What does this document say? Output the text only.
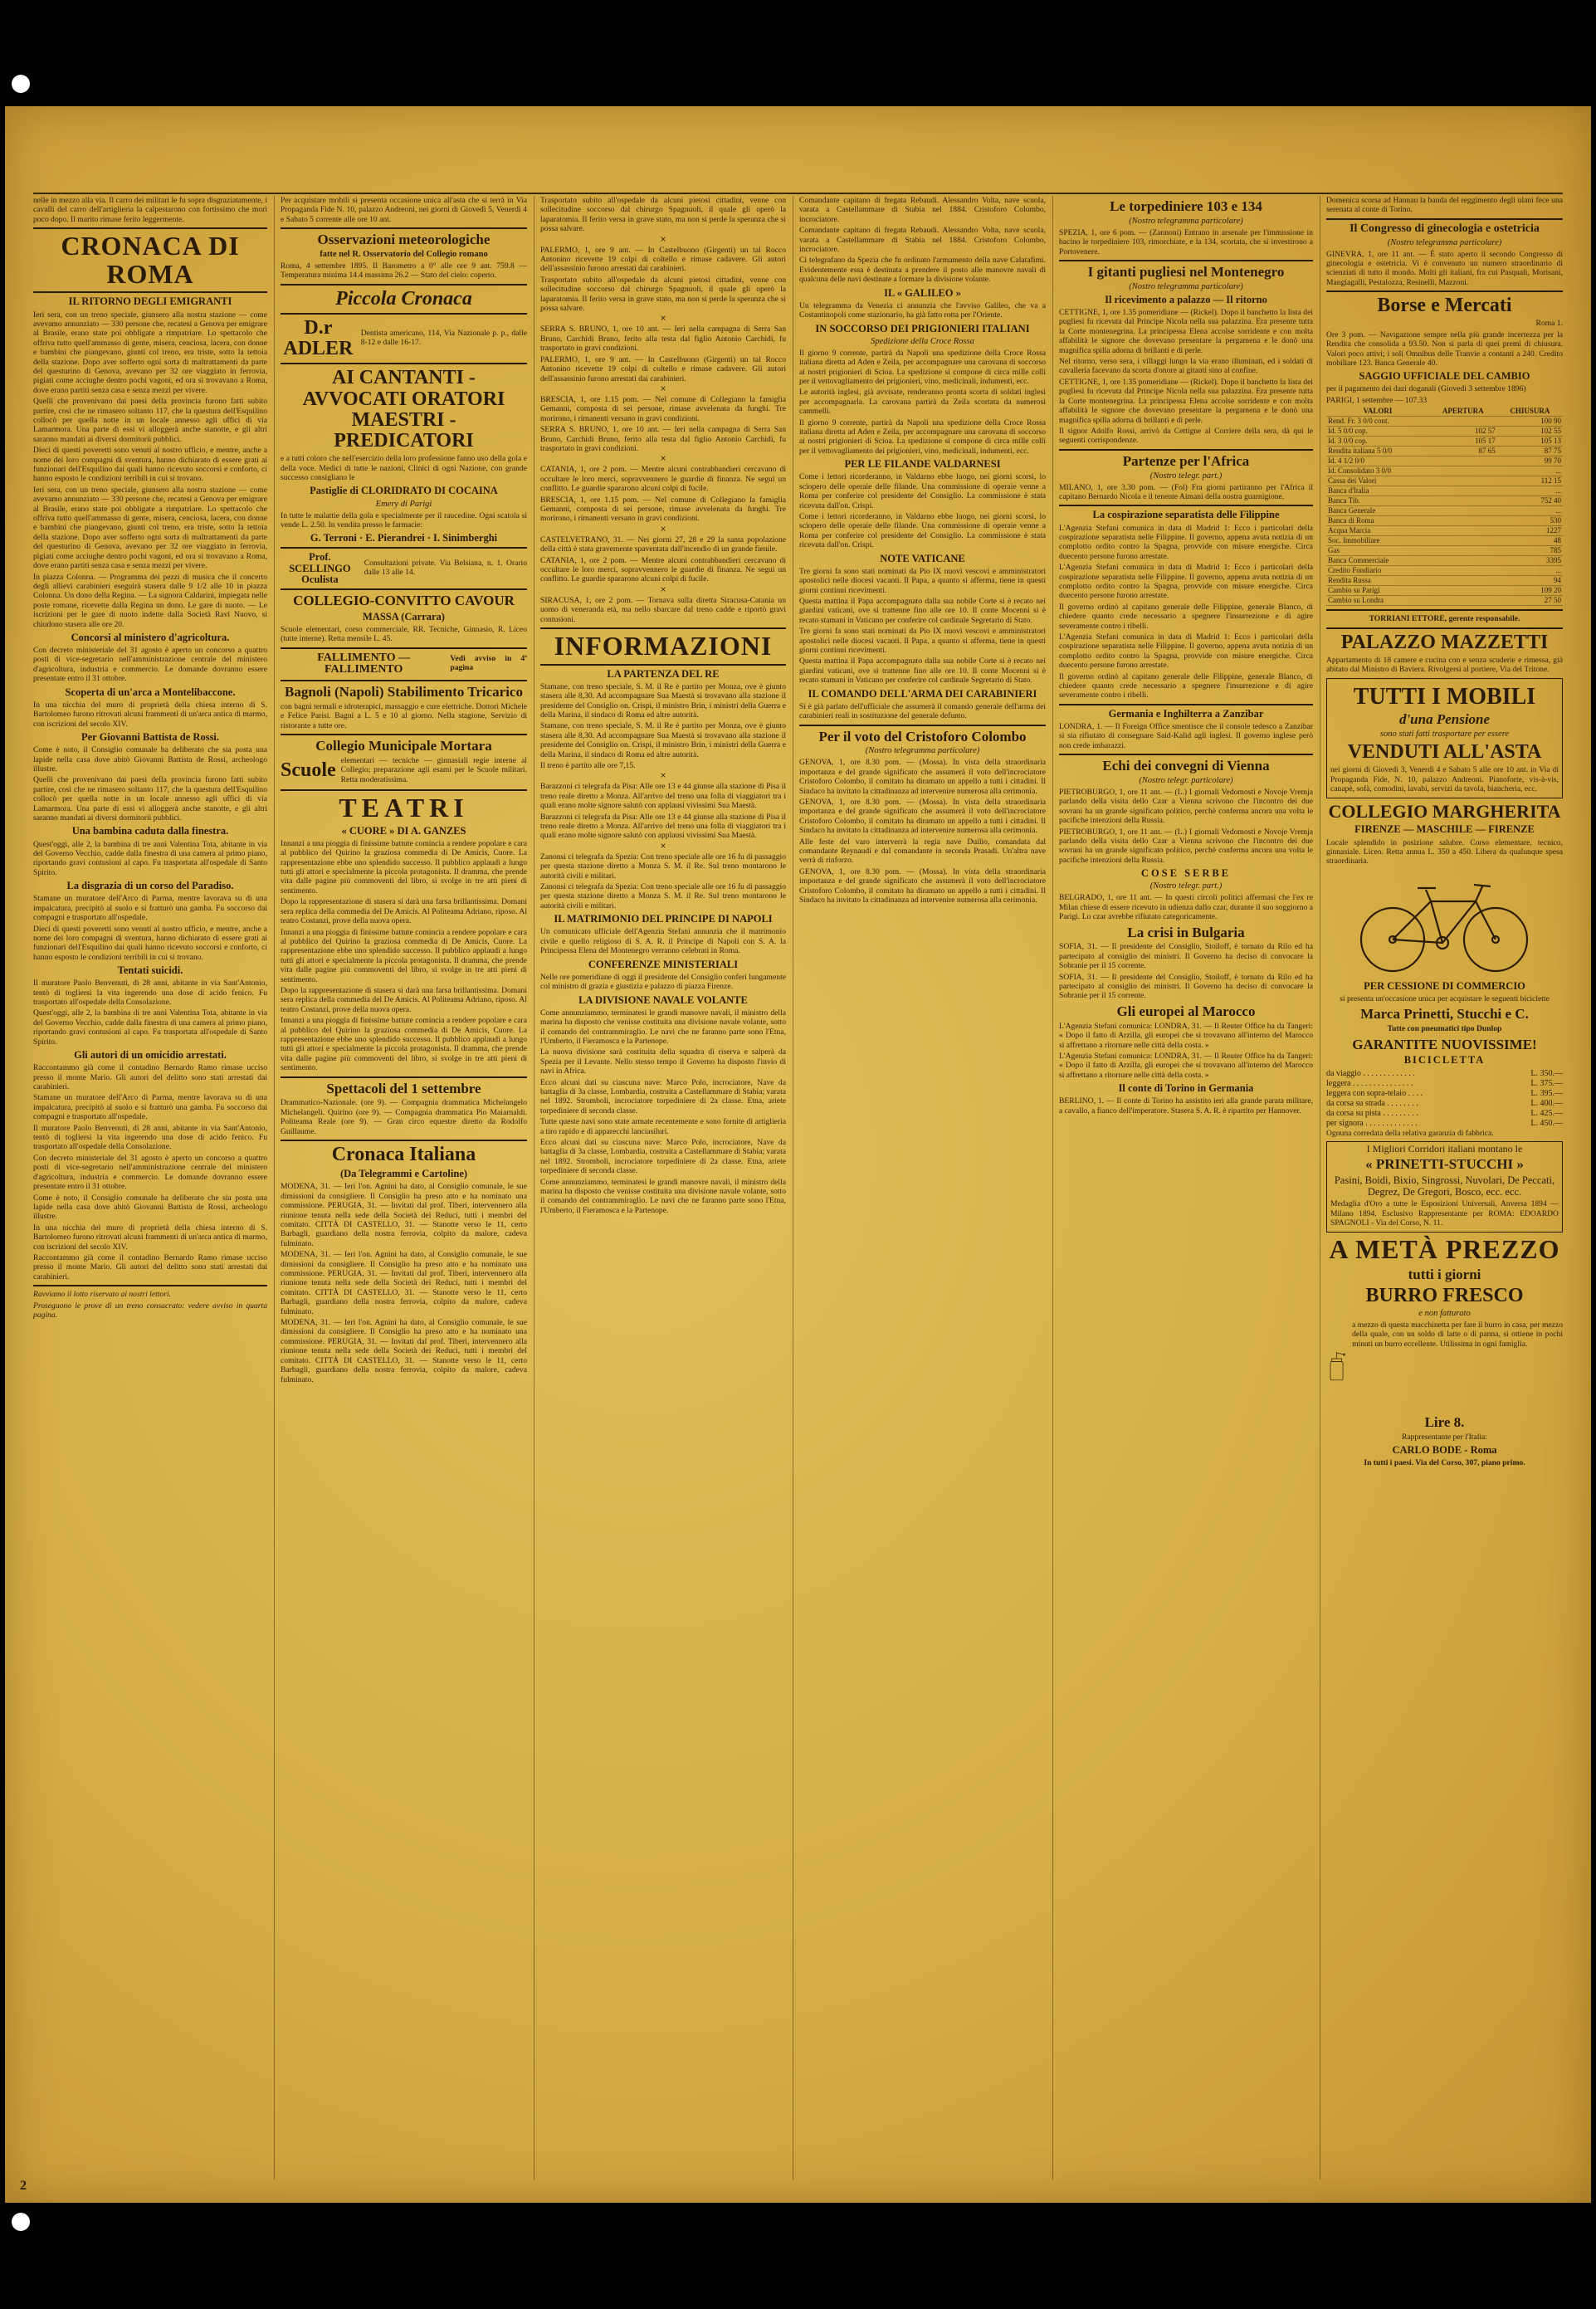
nelle in mezzo alla via. Il carro dei militari le fu sopra disgraziatamente, i cavalli del carro dell'artiglieria la calpestarono con fortissimo che morì poco dopo. Il marito rimase ferito leggermente.

CRONACA DI ROMA
IL RITORNO DEGLI EMIGRANTI

Ieri sera, con un treno speciale, giunsero alla nostra stazione — come avevamo annunziato — 330 persone che, recatesi a Genova per emigrare al Brasile, erano state poi obbligate a rimpatriare. Lo spettacolo che offriva tutto quell'ammasso di gente, misera, cenciosa, lacera, con donne e bambini che piangevano, giunti col treno, era triste, sotto la tettoia della stazione. Dopo aver sofferto ogni sorta di maltrattamenti da parte del questurino di Genova, avevano per 32 ore viaggiato in ferrovia, pigiati come acciughe dentro pochi vagoni, ed ora si trovavano a Roma, dove erano partiti senza casa e senza mezzi per vivere.

Quelli che provenivano dai paesi della provincia furono fatti subito partire, così che ne rimasero soltanto 117, che la questura dell'Esquilino collocò per quella notte in un locale annesso agli uffici di via Lamarmora. Una parte di essi vi alloggerà anche stanotte, e gli altri saranno mandati ai diversi dormitorii pubblici.

Dieci di questi poveretti sono venuti al nostro ufficio, e mentre, anche a nome dei loro compagni di sventura, hanno dichiarato di essere grati ai funzionari dell'Esquilino dai quali hanno ricevuto soccorsi e conforto, ci hanno esposto le condizioni terribili in cui si trovano.

Ieri sera, con un treno speciale, giunsero alla nostra stazione — come avevamo annunziato — 330 persone che, recatesi a Genova per emigrare al Brasile, erano state poi obbligate a rimpatriare. Lo spettacolo che offriva tutto quell'ammasso di gente, misera, cenciosa, lacera, con donne e bambini che piangevano, giunti col treno, era triste, sotto la tettoia della stazione. Dopo aver sofferto ogni sorta di maltrattamenti da parte del questurino di Genova, avevano per 32 ore viaggiato in ferrovia, pigiati come acciughe dentro pochi vagoni, ed ora si trovavano a Roma, dove erano partiti senza casa e senza mezzi per vivere.

In piazza Colonna. — Programma dei pezzi di musica che il concerto degli allievi carabinieri eseguirà stasera dalle 9 1/2 alle 10 in piazza Colonna. Un dono della Regina. — La signora Caldarini, impiegata nelle poste romane, ricevette dalla Regina un dono. Le gare di nuoto. — Le iscrizioni per le gare di nuoto indette dalla Società Ravi Nuovo, si chiudono stasera alle ore 20.

Concorsi al ministero d'agricoltura.

Con decreto ministeriale del 31 agosto è aperto un concorso a quattro posti di vice-segretario nell'amministrazione centrale del ministero d'agricoltura, industria e commercio. Le domande dovranno essere presentate entro il 31 ottobre.

Scoperta di un'arca a Montelibaccone.

In una nicchia del muro di proprietà della chiesa interno di S. Bartolomeo furono ritrovati alcuni frammenti di un'arca antica di marmo, con iscrizioni del secolo XIV.

Per Giovanni Battista de Rossi.

Come è noto, il Consiglio comunale ha deliberato che sia posta una lapide nella casa dove abitò Giovanni Battista de Rossi, archeologo illustre.

Quelli che provenivano dai paesi della provincia furono fatti subito partire, così che ne rimasero soltanto 117, che la questura dell'Esquilino collocò per quella notte in un locale annesso agli uffici di via Lamarmora. Una parte di essi vi alloggerà anche stanotte, e gli altri saranno mandati ai diversi dormitorii pubblici.

Una bambina caduta dalla finestra.

Quest'oggi, alle 2, la bambina di tre anni Valentina Tota, abitante in via del Governo Vecchio, cadde dalla finestra di una camera al primo piano, riportando gravi contusioni al capo. Fu trasportata all'ospedale di Santo Spirito.

La disgrazia di un corso del Paradiso.

Stamane un muratore dell'Arco di Parma, mentre lavorava su di una impalcatura, precipitò al suolo e si fratturò una gamba. Fu soccorso dai compagni e trasportato all'ospedale.

Dieci di questi poveretti sono venuti al nostro ufficio, e mentre, anche a nome dei loro compagni di sventura, hanno dichiarato di essere grati ai funzionari dell'Esquilino dai quali hanno ricevuto soccorsi e conforto, ci hanno esposto le condizioni terribili in cui si trovano.

Tentati suicidi.

Il muratore Paolo Benvenuti, di 28 anni, abitante in via Sant'Antonio, tentò di togliersi la vita ingerendo una dose di acido fenico. Fu trasportato all'ospedale della Consolazione.

Quest'oggi, alle 2, la bambina di tre anni Valentina Tota, abitante in via del Governo Vecchio, cadde dalla finestra di una camera al primo piano, riportando gravi contusioni al capo. Fu trasportata all'ospedale di Santo Spirito.

Gli autori di un omicidio arrestati.

Raccontammo già come il contadino Bernardo Ramo rimase ucciso presso il monte Mario. Gli autori del delitto sono stati arrestati dai carabinieri.

Stamane un muratore dell'Arco di Parma, mentre lavorava su di una impalcatura, precipitò al suolo e si fratturò una gamba. Fu soccorso dai compagni e trasportato all'ospedale.

Il muratore Paolo Benvenuti, di 28 anni, abitante in via Sant'Antonio, tentò di togliersi la vita ingerendo una dose di acido fenico. Fu trasportato all'ospedale della Consolazione.

Con decreto ministeriale del 31 agosto è aperto un concorso a quattro posti di vice-segretario nell'amministrazione centrale del ministero d'agricoltura, industria e commercio. Le domande dovranno essere presentate entro il 31 ottobre.

Come è noto, il Consiglio comunale ha deliberato che sia posta una lapide nella casa dove abitò Giovanni Battista de Rossi, archeologo illustre.

In una nicchia del muro di proprietà della chiesa interno di S. Bartolomeo furono ritrovati alcuni frammenti di un'arca antica di marmo, con iscrizioni del secolo XIV.

Raccontammo già come il contadino Bernardo Ramo rimase ucciso presso il monte Mario. Gli autori del delitto sono stati arrestati dai carabinieri.

Ravviamo il lotto riservato ai nostri lettori.

Proseguono le prove di un treno consacrato: vedere avviso in quarta pagina.

Per acquistare mobili si presenta occasione unica all'asta che si terrà in Via Propaganda Fide N. 10, palazzo Andreoni, nei giorni di Giovedì 5, Venerdì 4 e Sabato 5 corrente alle ore 10 ant.

Osservazioni meteorologiche
fatte nel R. Osservatorio del Collegio romano

Roma, 4 settembre 1895. Il Barometro a 0° alle ore 9 ant. 759.8 — Temperatura minima 14.4 massima 26.2 — Stato del cielo: coperto.

Piccola Cronaca
D.r ADLER

Dentista americano, 114, Via Nazionale p. p., dalle 8-12 e dalle 16-17.

AI CANTANTI - AVVOCATI ORATORI MAESTRI - PREDICATORI

e a tutti coloro che nell'esercizio della loro professione fanno uso della gola e della voce. Medici di tutte le nazioni, Clinici di ogni Nazione, con grande successo consigliano le

Pastiglie di CLORIDRATO DI COCAINA
Emery di Parigi

In tutte le malattie della gola e specialmente per il raucedine. Ogni scatola si vende L. 2.50. In vendita presso le farmacie:

G. Terroni · E. Pierandrei · I. Sinimberghi
Prof. SCELLINGO Oculista

Consultazioni private. Via Belsiana, n. 1. Orario dalle 13 alle 14.

COLLEGIO-CONVITTO CAVOUR
MASSA (Carrara)

Scuole elementari, corso commerciale, RR. Tecniche, Ginnasio, R. Liceo (tutte interne). Retta mensile L. 45.

FALLIMENTO — FALLIMENTO

Vedi avviso in 4ª pagina

Bagnoli (Napoli) Stabilimento Tricarico

con bagni termali e idroterapici, massaggio e cure elettriche. Dottori Michele e Felice Parisi. Bagni a L. 5 e 10 al giorno. Nella stagione, Servizio di ristorante a tutte ore.

Collegio Municipale Mortara
Scuole elementari — tecniche — ginnasiali regie interne al Collegio; preparazione agli esami per le Scuole militari. Retta moderatissima.

TEATRI
« CUORE » DI A. GANZES

Innanzi a una pioggia di finissime battute comincia a rendere popolare e cara al pubblico del Quirino la graziosa commedia di De Amicis, Cuore. La rappresentazione ebbe uno splendido successo. Il pubblico applaudì a lungo tutti gli attori e specialmente la piccola protagonista. Il dramma, che prende vita dalle pagine più commoventi del libro, si svolge in tre atti pieni di sentimento.

Dopo la rappresentazione di stasera si darà una farsa brillantissima. Domani sera replica della commedia del De Amicis. Al Politeama Adriano, riposo. Al teatro Costanzi, prove della nuova opera.

Innanzi a una pioggia di finissime battute comincia a rendere popolare e cara al pubblico del Quirino la graziosa commedia di De Amicis, Cuore. La rappresentazione ebbe uno splendido successo. Il pubblico applaudì a lungo tutti gli attori e specialmente la piccola protagonista. Il dramma, che prende vita dalle pagine più commoventi del libro, si svolge in tre atti pieni di sentimento.

Dopo la rappresentazione di stasera si darà una farsa brillantissima. Domani sera replica della commedia del De Amicis. Al Politeama Adriano, riposo. Al teatro Costanzi, prove della nuova opera.

Innanzi a una pioggia di finissime battute comincia a rendere popolare e cara al pubblico del Quirino la graziosa commedia di De Amicis, Cuore. La rappresentazione ebbe uno splendido successo. Il pubblico applaudì a lungo tutti gli attori e specialmente la piccola protagonista. Il dramma, che prende vita dalle pagine più commoventi del libro, si svolge in tre atti pieni di sentimento.

Spettacoli del 1 settembre

Drammatico-Nazionale. (ore 9). — Compagnia drammatica Michelangelo Michelangeli. Quirino (ore 9). — Compagnia drammatica Pio Maiarnaldi. Politeama Reale (ore 9). — Gran circo equestre diretto da Rodolfo Guillaume.

Cronaca Italiana
(Da Telegrammi e Cartoline)

MODENA, 31. — Ieri l'on. Agnini ha dato, al Consiglio comunale, le sue dimissioni da consigliere. Il Consiglio ha preso atto e ha nominato una commissione. PERUGIA, 31. — Invitati dal prof. Tiberi, intervennero alla riunione tenuta nella sede della Società dei Reduci, tutti i membri del comitato. CITTÀ DI CASTELLO, 31. — Stanotte verso le 11, certo Barbagli, guardiano della nostra ferrovia, colpito da malore, cadeva fulminato.

MODENA, 31. — Ieri l'on. Agnini ha dato, al Consiglio comunale, le sue dimissioni da consigliere. Il Consiglio ha preso atto e ha nominato una commissione. PERUGIA, 31. — Invitati dal prof. Tiberi, intervennero alla riunione tenuta nella sede della Società dei Reduci, tutti i membri del comitato. CITTÀ DI CASTELLO, 31. — Stanotte verso le 11, certo Barbagli, guardiano della nostra ferrovia, colpito da malore, cadeva fulminato.

MODENA, 31. — Ieri l'on. Agnini ha dato, al Consiglio comunale, le sue dimissioni da consigliere. Il Consiglio ha preso atto e ha nominato una commissione. PERUGIA, 31. — Invitati dal prof. Tiberi, intervennero alla riunione tenuta nella sede della Società dei Reduci, tutti i membri del comitato. CITTÀ DI CASTELLO, 31. — Stanotte verso le 11, certo Barbagli, guardiano della nostra ferrovia, colpito da malore, cadeva fulminato.

Trasportato subito all'ospedale da alcuni pietosi cittadini, venne con sollecitudine soccorso dal chirurgo Spagnuoli, il quale gli operò la laparatomia. Il ferito versa in grave stato, ma non si perde la speranza che si possa salvare.

×

PALERMO, 1, ore 9 ant. — In Castelbuono (Girgenti) un tal Rocco Antonino ricevette 19 colpi di coltello e rimase cadavere. Gli autori dell'assassinio furono arrestati dai carabinieri.

Trasportato subito all'ospedale da alcuni pietosi cittadini, venne con sollecitudine soccorso dal chirurgo Spagnuoli, il quale gli operò la laparatomia. Il ferito versa in grave stato, ma non si perde la speranza che si possa salvare.

×

SERRA S. BRUNO, 1, ore 10 ant. — Ieri nella campagna di Serra San Bruno, Carchidi Bruno, ferito alla testa dal figlio Antonio Carchidi, fu trasportato in gravi condizioni.

PALERMO, 1, ore 9 ant. — In Castelbuono (Girgenti) un tal Rocco Antonino ricevette 19 colpi di coltello e rimase cadavere. Gli autori dell'assassinio furono arrestati dai carabinieri.

×

BRESCIA, 1, ore 1.15 pom. — Nel comune di Collegiano la famiglia Gemanni, composta di sei persone, rimase avvelenata da funghi. Tre morirono, i rimanenti versano in gravi condizioni.

SERRA S. BRUNO, 1, ore 10 ant. — Ieri nella campagna di Serra San Bruno, Carchidi Bruno, ferito alla testa dal figlio Antonio Carchidi, fu trasportato in gravi condizioni.

×

CATANIA, 1, ore 2 pom. — Mentre alcuni contrabbandieri cercavano di occultare le loro merci, sopravvennero le guardie di finanza. Ne seguì un conflitto. Le guardie spararono alcuni colpi di fucile.

BRESCIA, 1, ore 1.15 pom. — Nel comune di Collegiano la famiglia Gemanni, composta di sei persone, rimase avvelenata da funghi. Tre morirono, i rimanenti versano in gravi condizioni.

×

CASTELVETRANO, 31. — Nei giorni 27, 28 e 29 la santa popolazione della città è stata gravemente spaventata dall'incendio di un grande fienile.

CATANIA, 1, ore 2 pom. — Mentre alcuni contrabbandieri cercavano di occultare le loro merci, sopravvennero le guardie di finanza. Ne seguì un conflitto. Le guardie spararono alcuni colpi di fucile.

×

SIRACUSA, 1, ore 2 pom. — Tornava sulla diretta Siracusa-Catania un uomo di veneranda età, ma nello sbarcare dal treno cadde e riportò gravi contusioni.

INFORMAZIONI
LA PARTENZA DEL RE

Stamane, con treno speciale, S. M. il Re è partito per Monza, ove è giunto stasera alle 8,30. Ad accompagnare Sua Maestà si trovavano alla stazione il presidente del Consiglio on. Crispi, il ministro Brin, i ministri della Guerra e della Marina, il sindaco di Roma ed altre autorità.

Stamane, con treno speciale, S. M. il Re è partito per Monza, ove è giunto stasera alle 8,30. Ad accompagnare Sua Maestà si trovavano alla stazione il presidente del Consiglio on. Crispi, il ministro Brin, i ministri della Guerra e della Marina, il sindaco di Roma ed altre autorità.

Il treno è partito alle ore 7,15.

×

Barazzoni ci telegrafa da Pisa: Alle ore 13 e 44 giunse alla stazione di Pisa il treno reale diretto a Monza. All'arrivo del treno una folla di viaggiatori tra i quali erano molte signore salutò con applausi vivissimi Sua Maestà.

Barazzoni ci telegrafa da Pisa: Alle ore 13 e 44 giunse alla stazione di Pisa il treno reale diretto a Monza. All'arrivo del treno una folla di viaggiatori tra i quali erano molte signore salutò con applausi vivissimi Sua Maestà.

×

Zanonsi ci telegrafa da Spezia: Con treno speciale alle ore 16 fu di passaggio per questa stazione diretto a Monza S. M. il Re. Sul treno montarono le autorità civili e militari.

Zanonsi ci telegrafa da Spezia: Con treno speciale alle ore 16 fu di passaggio per questa stazione diretto a Monza S. M. il Re. Sul treno montarono le autorità civili e militari.

IL MATRIMONIO DEL PRINCIPE DI NAPOLI

Un comunicato ufficiale dell'Agenzia Stefani annunzia che il matrimonio civile e quello religioso di S. A. R. il Principe di Napoli con S. A. la Principessa Elena del Montenegro verranno celebrati in Roma.

CONFERENZE MINISTERIALI

Nelle ore pomeridiane di oggi il presidente del Consiglio conferì lungamente col ministro di grazia e giustizia e palazzo di piazza Firenze.

LA DIVISIONE NAVALE VOLANTE

Come annunziammo, terminatesi le grandi manovre navali, il ministro della marina ha disposto che venisse costituita una divisione navale volante, sotto il comando del contrammiraglio. Le navi che ne faranno parte sono l'Etna, l'Umberto, il Fieramosca e la Partenope.

La nuova divisione sarà costituita della squadra di riserva e salperà da Spezia per il Levante. Nello stesso tempo il Governo ha disposto l'invio di navi in Africa.

Ecco alcuni dati su ciascuna nave: Marco Polo, incrociatore, Nave da battaglia di 3a classe, Lombardia, costruita a Castellammare di Stabia; varata nel 1892. Stromboli, incrociatore torpediniere di 2a classe. Etna, ariete torpediniere di seconda classe.

Tutte queste navi sono state armate recentemente e sono fornite di artiglieria a tiro rapido e di apparecchi lanciasiluri.

Ecco alcuni dati su ciascuna nave: Marco Polo, incrociatore, Nave da battaglia di 3a classe, Lombardia, costruita a Castellammare di Stabia; varata nel 1892. Stromboli, incrociatore torpediniere di 2a classe. Etna, ariete torpediniere di seconda classe.

Come annunziammo, terminatesi le grandi manovre navali, il ministro della marina ha disposto che venisse costituita una divisione navale volante, sotto il comando del contrammiraglio. Le navi che ne faranno parte sono l'Etna, l'Umberto, il Fieramosca e la Partenope.

Comandante capitano di fregata Rebaudi. Alessandro Volta, nave scuola, varata a Castellammare di Stabia nel 1884. Cristoforo Colombo, incrociatore.

Comandante capitano di fregata Rebaudi. Alessandro Volta, nave scuola, varata a Castellammare di Stabia nel 1884. Cristoforo Colombo, incrociatore.

Ci telegrafano da Spezia che fu ordinato l'armamento della nave Calatafimi. Evidentemente essa è destinata a prendere il posto alle manovre navali di qualcuna delle navi destinate a formare la divisione volante.

IL « GALILEO »

Un telegramma da Venezia ci annunzia che l'avviso Galileo, che va a Costantinopoli come stazionario, ha già fatto rotta per l'Oriente.

IN SOCCORSO DEI PRIGIONIERI ITALIANI
Spedizione della Croce Rossa

Il giorno 9 corrente, partirà da Napoli una spedizione della Croce Rossa italiana diretta ad Aden e Zeila, per accompagnare una carovana di soccorso ai nostri prigionieri di Scioa. La spedizione si compone di circa mille colli per il vettovagliamento dei prigionieri, vino, medicinali, indumenti, ecc.

Le autorità inglesi, già avvisate, renderanno pronta scorta di soldati inglesi per accompagnarla. La carovana partirà da Zeila scortata da numerosi cammelli.

Il giorno 9 corrente, partirà da Napoli una spedizione della Croce Rossa italiana diretta ad Aden e Zeila, per accompagnare una carovana di soccorso ai nostri prigionieri di Scioa. La spedizione si compone di circa mille colli per il vettovagliamento dei prigionieri, vino, medicinali, indumenti, ecc.

PER LE FILANDE VALDARNESI

Come i lettori ricorderanno, in Valdarno ebbe luogo, nei giorni scorsi, lo sciopero delle operaie delle filande. Una commissione di operaie venne a Roma per conferire col presidente del Consiglio. La commissione è stata ricevuta dall'on. Crispi.

Come i lettori ricorderanno, in Valdarno ebbe luogo, nei giorni scorsi, lo sciopero delle operaie delle filande. Una commissione di operaie venne a Roma per conferire col presidente del Consiglio. La commissione è stata ricevuta dall'on. Crispi.

NOTE VATICANE

Tre giorni fa sono stati nominati da Pio IX nuovi vescovi e amministratori apostolici nelle diocesi vacanti. Il Papa, a quanto si afferma, tiene in questi giorni continui ricevimenti.

Questa mattina il Papa accompagnato dalla sua nobile Corte si è recato nei giardini vaticani, ove si trattenne fino alle ore 10. Il conte Mocenni si è recato stamani in Vaticano per conferire col cardinale Segretario di Stato.

Tre giorni fa sono stati nominati da Pio IX nuovi vescovi e amministratori apostolici nelle diocesi vacanti. Il Papa, a quanto si afferma, tiene in questi giorni continui ricevimenti.

Questa mattina il Papa accompagnato dalla sua nobile Corte si è recato nei giardini vaticani, ove si trattenne fino alle ore 10. Il conte Mocenni si è recato stamani in Vaticano per conferire col cardinale Segretario di Stato.

IL COMANDO DELL'ARMA DEI CARABINIERI

Si è già parlato dell'ufficiale che assumerà il comando generale dell'arma dei carabinieri reali in sostituzione del generale defunto.

Per il voto del Cristoforo Colombo
(Nostro telegramma particolare)

GENOVA, 1, ore 8.30 pom. — (Mossa). In vista della straordinaria importanza e del grande significato che assumerà il voto dell'incrociatore Cristoforo Colombo, il comitato ha diramato un appello a tutti i cittadini. Il Sindaco ha invitato la cittadinanza ad intervenire numerosa alla cerimonia.

GENOVA, 1, ore 8.30 pom. — (Mossa). In vista della straordinaria importanza e del grande significato che assumerà il voto dell'incrociatore Cristoforo Colombo, il comitato ha diramato un appello a tutti i cittadini. Il Sindaco ha invitato la cittadinanza ad intervenire numerosa alla cerimonia.

Alle feste del varo interverrà la regia nave Duilio, comandata dal comandante Reynaudi e dal comandante in seconda Prasadi. Un'altra nave verrà di rinforzo.

GENOVA, 1, ore 8.30 pom. — (Mossa). In vista della straordinaria importanza e del grande significato che assumerà il voto dell'incrociatore Cristoforo Colombo, il comitato ha diramato un appello a tutti i cittadini. Il Sindaco ha invitato la cittadinanza ad intervenire numerosa alla cerimonia.

Le torpediniere 103 e 134
(Nostro telegramma particolare)

SPEZIA, 1, ore 6 pom. — (Zannoni) Entrano in arsenale per l'immissione in bacino le torpediniere 103, rimorchiate, e la 134, scortata, che si investirono a Portovenere.

I gitanti pugliesi nel Montenegro
(Nostro telegramma particolare)
Il ricevimento a palazzo — Il ritorno

CETTIGNE, 1, ore 1.35 pomeridiane — (Rickel). Dopo il banchetto la lista dei pugliesi fu ricevuta dal Principe Nicola nella sua palazzina. Era presente tutta la Corte montenegrina. La principessa Elena accolse sorridente e con molta affabilità le signore che dovevano presentare la pergamena e le donò una magnifica spilla adorna di brillanti e di perle.

Nel ritorno, verso sera, i villaggi lungo la via erano illuminati, ed i soldati di cavalleria facevano da scorta d'onore ai gitanti sino al confine.

CETTIGNE, 1, ore 1.35 pomeridiane — (Rickel). Dopo il banchetto la lista dei pugliesi fu ricevuta dal Principe Nicola nella sua palazzina. Era presente tutta la Corte montenegrina. La principessa Elena accolse sorridente e con molta affabilità le signore che dovevano presentare la pergamena e le donò una magnifica spilla adorna di brillanti e di perle.

Il signor Adolfo Rossi, arrivò da Cettigne al Corriere della sera, dà qui le seguenti corrispondenze.

Partenze per l'Africa
(Nostro telegr. part.)

MILANO, 1, ore 3.30 pom. — (Fol) Fra giorni partiranno per l'Africa il capitano Bernardo Nicola e il tenente Aimani della nostra guarnigione.

La cospirazione separatista delle Filippine

L'Agenzia Stefani comunica in data di Madrid 1: Ecco i particolari della cospirazione separatista nelle Filippine. Il governo, appena avuta notizia di un complotto ordito contro la Spagna, provvide con misure energiche. Circa duecento persone furono arrestate.

L'Agenzia Stefani comunica in data di Madrid 1: Ecco i particolari della cospirazione separatista nelle Filippine. Il governo, appena avuta notizia di un complotto ordito contro la Spagna, provvide con misure energiche. Circa duecento persone furono arrestate.

Il governo ordinò al capitano generale delle Filippine, generale Blanco, di chiedere quanto crede necessario a spegnere l'insurrezione e di agire severamente contro i ribelli.

L'Agenzia Stefani comunica in data di Madrid 1: Ecco i particolari della cospirazione separatista nelle Filippine. Il governo, appena avuta notizia di un complotto ordito contro la Spagna, provvide con misure energiche. Circa duecento persone furono arrestate.

Il governo ordinò al capitano generale delle Filippine, generale Blanco, di chiedere quanto crede necessario a spegnere l'insurrezione e di agire severamente contro i ribelli.

Germania e Inghilterra a Zanzibar

LONDRA, 1. — Il Foreign Office smentisce che il console tedesco a Zanzibar si sia rifiutato di consegnare Said-Kalid agli inglesi. Il governo inglese però non crede imbarazzi.

Echi dei convegni di Vienna
(Nostro telegr. particolare)

PIETROBURGO, 1, ore 11 ant. — (L.) I giornali Vedomosti e Novoje Vremja parlando della visita dello Czar a Vienna scrivono che l'incontro dei due sovrani ha un grande significato politico, perchè conferma ancora una volta le pacifiche intenzioni della Russia.

PIETROBURGO, 1, ore 11 ant. — (L.) I giornali Vedomosti e Novoje Vremja parlando della visita dello Czar a Vienna scrivono che l'incontro dei due sovrani ha un grande significato politico, perchè conferma ancora una volta le pacifiche intenzioni della Russia.

COSE SERBE
(Nostro telegr. part.)

BELGRADO, 1, ore 11 ant. — In questi circoli politici affermasi che l'ex re Milan chiese di essere ricevuto in udienza dallo czar, durante il suo soggiorno a Parigi. Lo czar avrebbe rifiutato categoricamente.

La crisi in Bulgaria

SOFIA, 31. — Il presidente del Consiglio, Stoiloff, è tornato da Rilo ed ha partecipato al consiglio dei ministri. Il Governo ha deciso di convocare la Sobranie per il 15 corrente.

SOFIA, 31. — Il presidente del Consiglio, Stoiloff, è tornato da Rilo ed ha partecipato al consiglio dei ministri. Il Governo ha deciso di convocare la Sobranie per il 15 corrente.

Gli europei al Marocco

L'Agenzia Stefani comunica: LONDRA, 31. — Il Reuter Office ha da Tangeri: « Dopo il fatto di Arzilla, gli europei che si trovavano all'interno del Marocco si affrettano a ritornare nelle città della costa. »

L'Agenzia Stefani comunica: LONDRA, 31. — Il Reuter Office ha da Tangeri: « Dopo il fatto di Arzilla, gli europei che si trovavano all'interno del Marocco si affrettano a ritornare nelle città della costa. »

Il conte di Torino in Germania

BERLINO, 1. — Il conte di Torino ha assistito ieri alla grande parata militare, a cavallo, a fianco dell'imperatore. Stasera S. A. R. è ripartito per Hannover.

Domenica scorsa ad Hannau la banda del reggimento degli ulani fece una serenata al conte di Torino.

Il Congresso di ginecologia e ostetricia
(Nostro telegramma particolare)

GINEVRA, 1, ore 11 ant. — È stato aperto il secondo Congresso di ginecologia e ostetricia. Vi è convenuto un numero straordinario di scienziati di tutto il mondo. Molti gli italiani, fra cui Pasquali, Morisani, Mangiagalli, Pestalozza, Resinelli, Mazzoni.

Borse e Mercati

Roma 1.

Ore 3 pom. — Navigazione sempre nella più grande incertezza per la Rendita che consolida a 93.50. Non si parla di quei premi di chiusura. Valori poco attivi; i soli Omnibus delle Tranvie a contanti a 240. Credito mobiliare 123. Banca Generale 40.

SAGGIO UFFICIALE DEL CAMBIO

per il pagamento dei dazi doganali (Giovedì 3 settembre 1896)

PARIGI, 1 settembre — 107.33

VALORI	APERTURA	CHIUSURA
Rend. Fr. 3 0/0 cont.		100 90
Id. 5 0/0 cop.	102 57	102 55
Id. 3 0/0 cop.	105 17	105 13
Rendita italiana 5 0/0	87 65	87 75
Id. 4 1/2 0/0		99 70
Id. Consolidato 3 0/0		...
Cassa dei Valori		112 15
Banca d'Italia		...
Banca Tib.		752 40
Banca Generale		...
Banca di Roma		530
Acqua Marcia		1227
Soc. Immobiliare		48
Gas		785
Banca Commerciale		3395
Credito Fondiario		...
Rendita Russa		94
Cambio su Parigi		109 20
Cambio su Londra		27 50

TORRIANI ETTORE, gerente responsabile.

PALAZZO MAZZETTI

Appartamento di 18 camere e cucina con e senza scuderie e rimessa, già abitato dal Ministro di Baviera. Rivolgersi al portiere, Via del Tritone.

TUTTI I MOBILI
d'una Pensione
sono stati fatti trasportare per essere
VENDUTI ALL'ASTA

nei giorni di Giovedì 3, Venerdì 4 e Sabato 5 alle ore 10 ant. in Via di Propaganda Fide, N. 10, palazzo Andreoni. Pianoforte, vis-à-vis, canapè, sofà, comodini, lavabi, servizi da tavola, biancheria, ecc.

COLLEGIO MARGHERITA
FIRENZE — MASCHILE — FIRENZE

Locale splendido in posizione salubre. Corso elementare, tecnico, ginnasiale. Liceo. Retta annua L. 350 a 450. Libera da qualunque spesa straordinaria.

PER CESSIONE DI COMMERCIO

si presenta un'occasione unica per acquistare le seguenti biciclette

Marca Prinetti, Stucchi e C.

Tutte con pneumatici tipo Dunlop

GARANTITE NUOVISSIME!
BICICLETTA
da viaggio . . . . . . . . . . . . .	L. 350.—
leggera . . . . . . . . . . . . . . .	L. 375.—
leggera con sopra-telaio . . . .	L. 395.—
da corsa su strada . . . . . . . .	L. 400.—
da corsa su pista . . . . . . . . .	L. 425.—
per signora . . . . . . . . . . . . .	L. 450.—

Ognuna corredata della relativa garanzia di fabbrica.

I Migliori Corridori italiani montano le

« PRINETTI-STUCCHI »

Pasini, Boidi, Bixio, Singrossi, Nuvolari, De Peccati, Degrez, De Gregori, Bosco, ecc. ecc.

Medaglia d'Oro a tutte le Esposizioni Universali, Anversa 1894 — Milano 1894. Esclusivo Rappresentante per ROMA: EDOARDO SPAGNOLI - Via del Corso, N. 11.

A METÀ PREZZO
tutti i giorni
BURRO FRESCO
e non fatturato

a mezzo di questa macchinetta per fare il burro in casa, per mezzo della quale, con un soldo di latte o di panna, si ottiene in pochi minuti un burro eccellente. Utilissima in ogni famiglia.

Lire 8.

Rappresentante per l'Italia:

CARLO BODE - Roma

In tutti i paesi. Via del Corso, 307, piano primo.

2
